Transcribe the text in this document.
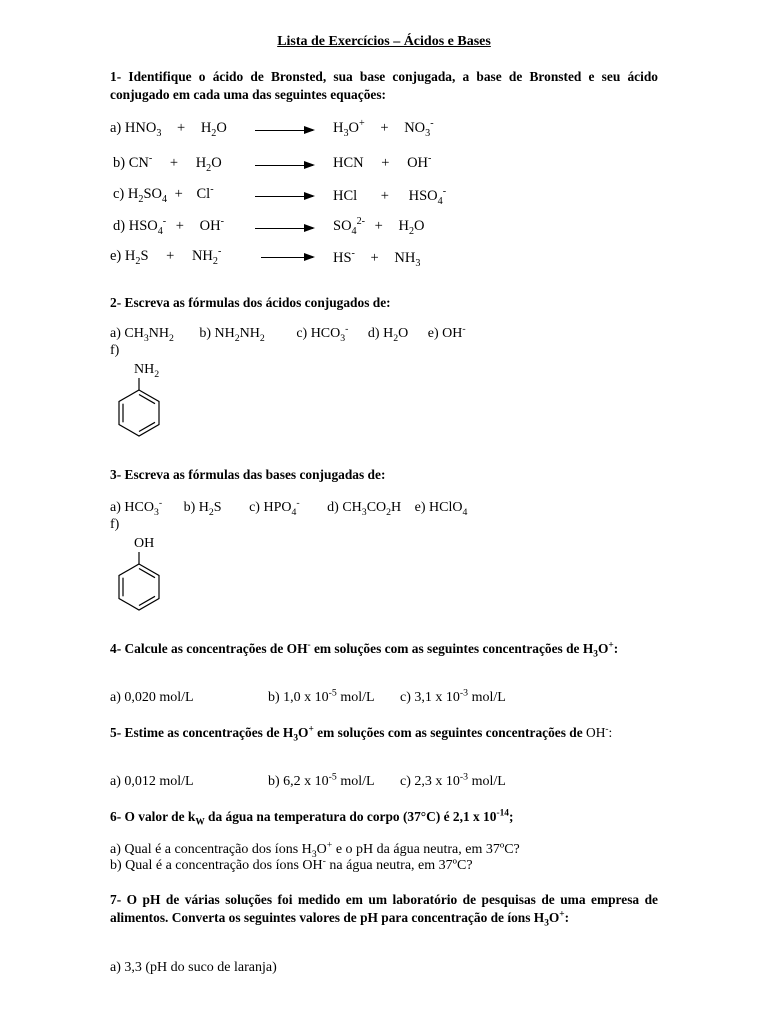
Lista de Exercícios – Ácidos e Bases
1- Identifique o ácido de Bronsted, sua base conjugada, a base de Bronsted e seu ácido conjugado em cada uma das seguintes equações:
a) $HNO_3 + H_2O \to H_3O^+ + NO_3^-$
b) $CN^- + H_2O$ → HCN + OH-
c) $H_2SO_4 + Cl^-$ → HCl + $HSO_4^-$
d) $HSO_4^- + OH^- \to SO_4^{2-} + H_2O$
e) $H_2S + NH_2^- \to HS^- + NH_3$
2- Escreva as fórmulas dos ácidos conjugados de:
a) $CH_3NH_2$ b) $NH_2NH_2$ c) $HCO_3^-$ d) $H_2O$ e) OH-
f)
$NH_2$
3- Escreva as fórmulas das bases conjugadas de:
a) $HCO_3^-$ b) $H_2S$ c) $HPO_4^-$ d) $CH_3CO_2H$ e) HClO$_4$
f)
OH
4- Calcule as concentrações de OH- em soluções com as seguintes concentrações de $H_3O^+$:
a) 0,020 mol/L	b) 1,0 x $10^{-5}$ mol/L c) 3,1 x $10^{-3}$ mol/L
5- Estime as concentrações de $H_3O^+$ em soluções com as seguintes concentrações de OH-:
a) 0,012 mol/L	b) 6,2 x $10^{-5}$ mol/L c) 2,3 x $10^{-3}$ mol/L
6- O valor de $k_W$ da água na temperatura do corpo (37°C) é 2,1 x $10^{-14}$;
a) Qual é a concentração dos íons $H_3O^+$ e o pH da água neutra, em 37ºC?
b) Qual é a concentração dos íons OH- na água neutra, em 37ºC?
7- O pH de várias soluções foi medido em um laboratório de pesquisas de uma empresa de alimentos. Converta os seguintes valores de pH para concentração de íons $H_3O^+$:
a) 3,3 (pH do suco de laranja)
